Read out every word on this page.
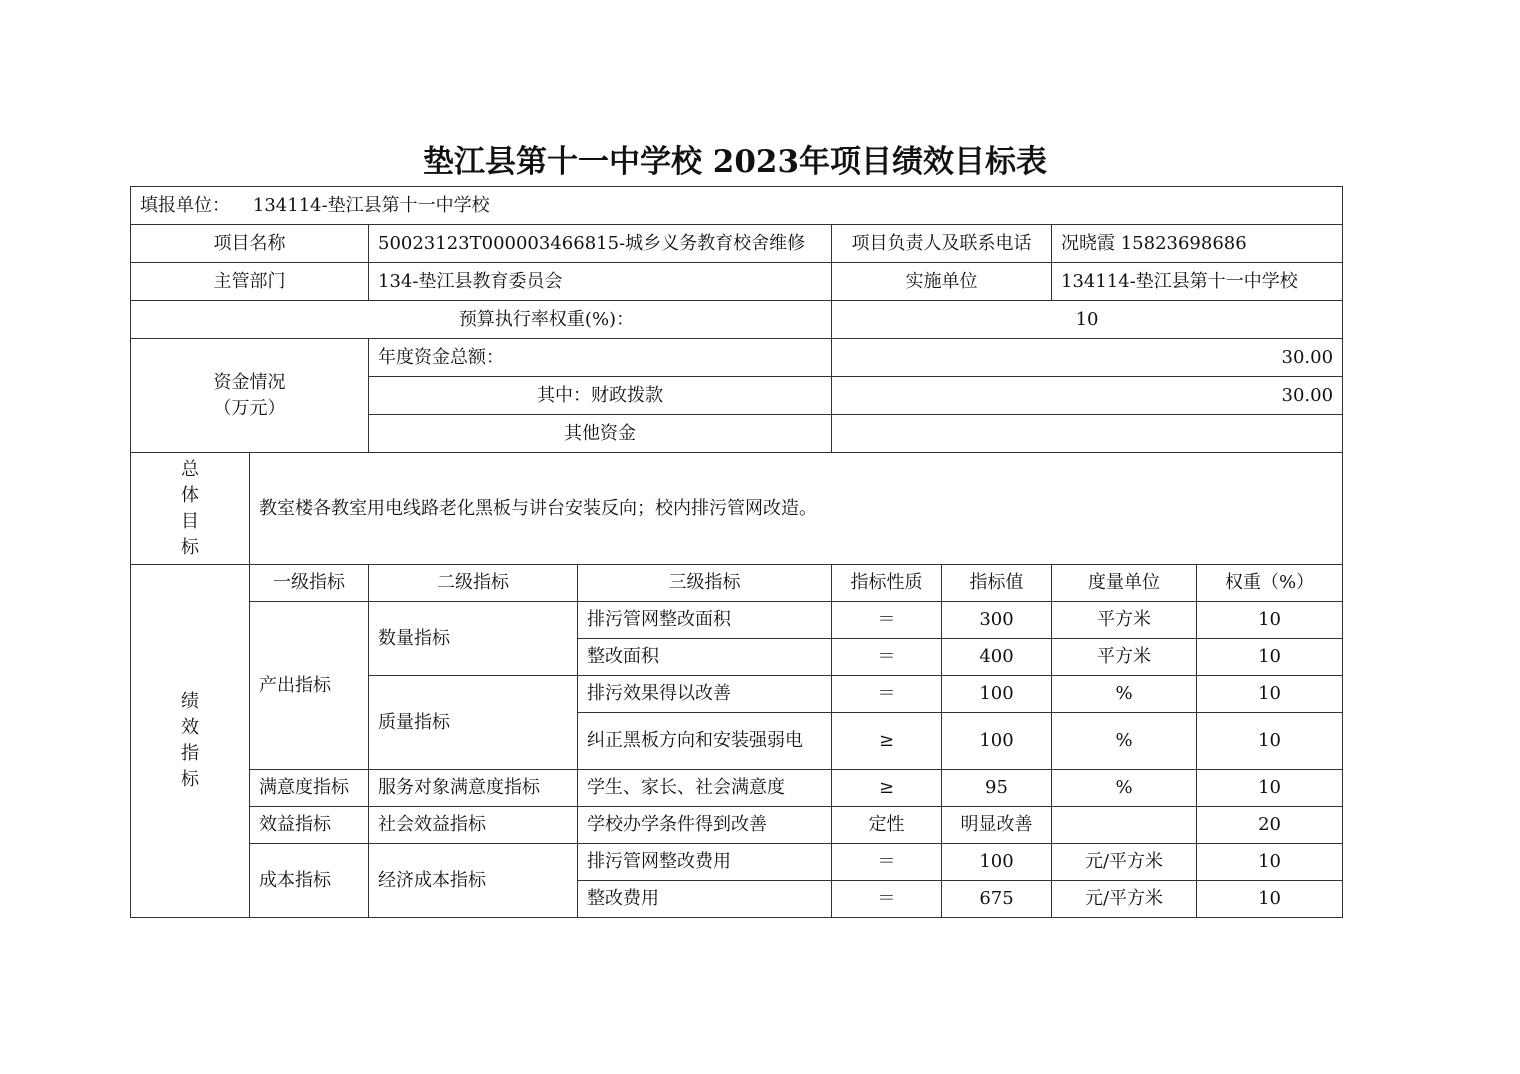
垫江县第十一中学校 2023年项目绩效目标表
填报单位： 134114-垫江县第十一中学校							
项目名称		50023123T000003466815-城乡义务教育校舍维修		项目负责人及联系电话		况晓霞 15823698686	
主管部门		134-垫江县教育委员会		实施单位		134114-垫江县第十一中学校	
预算执行率权重(%)：				10			

资金情况
（万元）		年度资金总额：		30.00			
		其中：财政拨款		30.00			
		其他资金					

总
体
目
标	教室楼各教室用电线路老化黑板与讲台安装反向；校内排污管网改造。						

绩
效
指
标	一级指标	二级指标	三级指标	指标性质	指标值	度量单位	权重（%）
	产出指标	数量指标	排污管网整改面积	＝	300	平方米	10
			整改面积	＝	400	平方米	10
		质量指标	排污效果得以改善	＝	100	%	10
			纠正黑板方向和安装强弱电	≥	100	%	10
	满意度指标	服务对象满意度指标	学生、家长、社会满意度	≥	95	%	10
	效益指标	社会效益指标	学校办学条件得到改善	定性	明显改善		20
	成本指标	经济成本指标	排污管网整改费用	＝	100	元/平方米	10
			整改费用	＝	675	元/平方米	10
